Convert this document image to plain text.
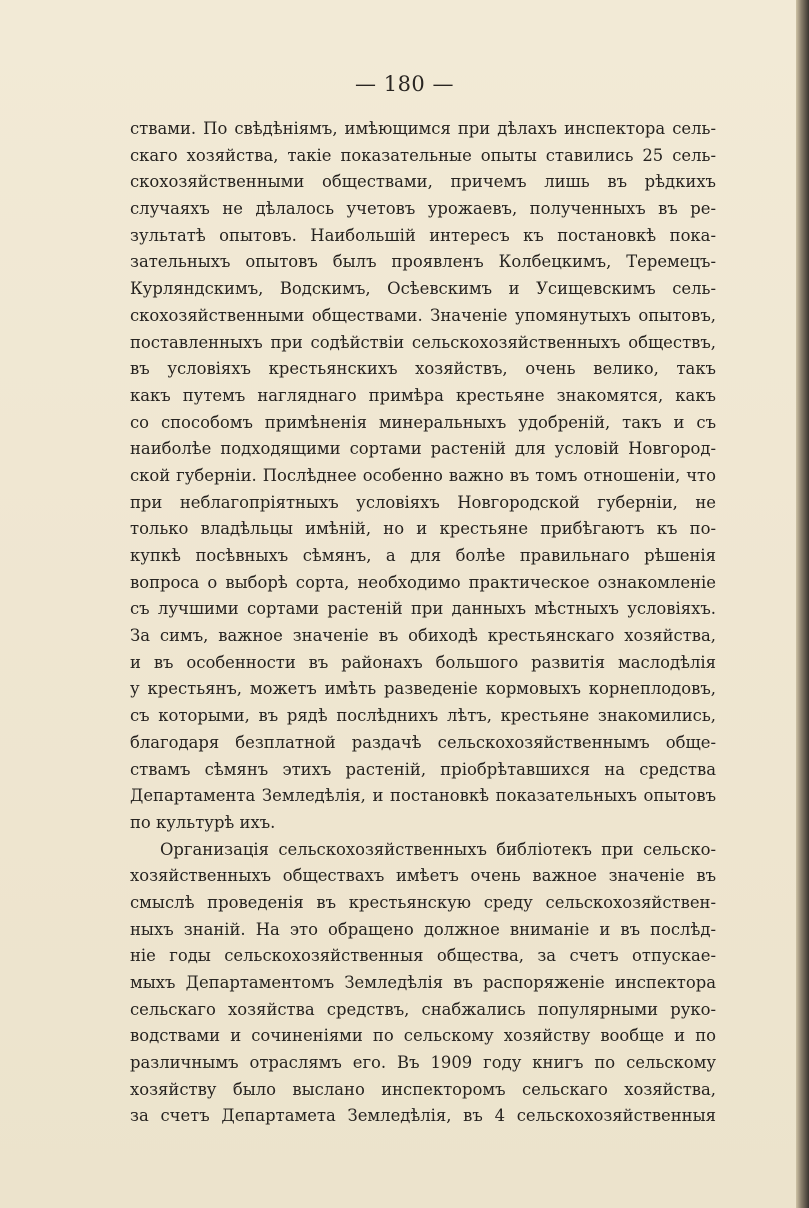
— 180 —
ствами. По свѣдѣніямъ, имѣющимся при дѣлахъ инспектора сель-
скаго хозяйства, такіе показательные опыты ставились 25 сель-
скохозяйственными обществами, причемъ лишь въ рѣдкихъ
случаяхъ не дѣлалось учетовъ урожаевъ, полученныхъ въ ре-
зультатѣ опытовъ. Наибольшій интересъ къ постановкѣ пока-
зательныхъ опытовъ былъ проявленъ Колбецкимъ, Теремецъ-
Курляндскимъ, Водскимъ, Осѣевскимъ и Усищевскимъ сель-
скохозяйственными обществами. Значеніе упомянутыхъ опытовъ,
поставленныхъ при содѣйствіи сельскохозяйственныхъ обществъ,
въ условіяхъ крестьянскихъ хозяйствъ, очень велико, такъ
какъ путемъ нагляднаго примѣра крестьяне знакомятся, какъ
со способомъ примѣненія минеральныхъ удобреній, такъ и съ
наиболѣе подходящими сортами растеній для условій Новгород-
ской губерніи. Послѣднее особенно важно въ томъ отношеніи, что
при неблагопріятныхъ условіяхъ Новгородской губерніи, не
только владѣльцы имѣній, но и крестьяне прибѣгаютъ къ по-
купкѣ посѣвныхъ сѣмянъ, а для болѣе правильнаго рѣшенія
вопроса о выборѣ сорта, необходимо практическое ознакомленіе
съ лучшими сортами растеній при данныхъ мѣстныхъ условіяхъ.
За симъ, важное значеніе въ обиходѣ крестьянскаго хозяйства,
и въ особенности въ районахъ большого развитія маслодѣлія
у крестьянъ, можетъ имѣть разведеніе кормовыхъ корнеплодовъ,
съ которыми, въ рядѣ послѣднихъ лѣтъ, крестьяне знакомились,
благодаря безплатной раздачѣ сельскохозяйственнымъ обще-
ствамъ сѣмянъ этихъ растеній, пріобрѣтавшихся на средства
Департамента Земледѣлія, и постановкѣ показательныхъ опытовъ
по культурѣ ихъ.
Организація сельскохозяйственныхъ библіотекъ при сельско-
хозяйственныхъ обществахъ имѣетъ очень важное значеніе въ
смыслѣ проведенія въ крестьянскую среду сельскохозяйствен-
ныхъ знаній. На это обращено должное вниманіе и въ послѣд-
ніе годы сельскохозяйственныя общества, за счетъ отпускае-
мыхъ Департаментомъ Земледѣлія въ распоряженіе инспектора
сельскаго хозяйства средствъ, снабжались популярными руко-
водствами и сочиненіями по сельскому хозяйству вообще и по
различнымъ отраслямъ его. Въ 1909 году книгъ по сельскому
хозяйству было выслано инспекторомъ сельскаго хозяйства,
за счетъ Департамета Земледѣлія, въ 4 сельскохозяйственныя
